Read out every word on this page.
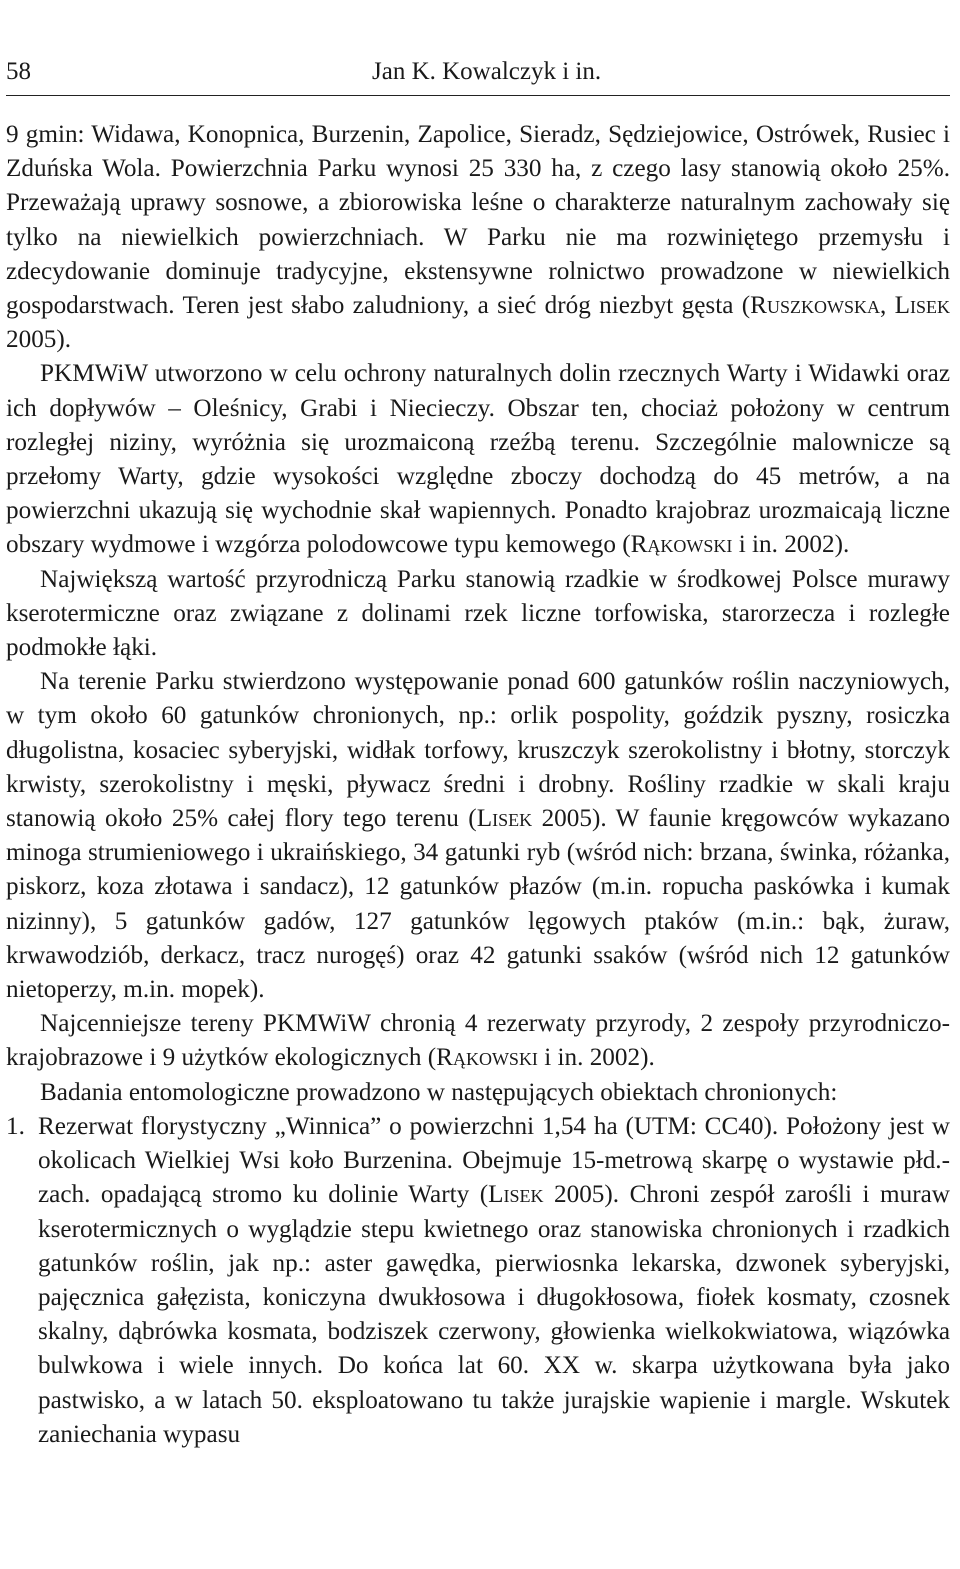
58	Jan K. Kowalczyk i in.

9 gmin: Widawa, Konopnica, Burzenin, Zapolice, Sieradz, Sędziejowice, Ostrówek, Rusiec i Zduńska Wola. Powierzchnia Parku wynosi 25 330 ha, z czego lasy stanowią około 25%. Przeważają uprawy sosnowe, a zbiorowiska leśne o charakterze naturalnym zachowały się tylko na niewielkich powierzchniach. W Parku nie ma rozwiniętego przemysłu i zdecydowanie dominuje tradycyjne, ekstensywne rolnictwo prowadzone w niewielkich gospodarstwach. Teren jest słabo zaludniony, a sieć dróg niezbyt gęsta (Ruszkowska, Lisek 2005).

PKMWiW utworzono w celu ochrony naturalnych dolin rzecznych Warty i Widawki oraz ich dopływów – Oleśnicy, Grabi i Niecieczy. Obszar ten, chociaż położony w centrum rozległej niziny, wyróżnia się urozmaiconą rzeźbą terenu. Szczególnie malownicze są przełomy Warty, gdzie wysokości względne zboczy dochodzą do 45 metrów, a na powierzchni ukazują się wychodnie skał wapiennych. Ponadto krajobraz urozmaicają liczne obszary wydmowe i wzgórza polodowcowe typu kemowego (Rąkowski i in. 2002).

Największą wartość przyrodniczą Parku stanowią rzadkie w środkowej Polsce murawy kserotermiczne oraz związane z dolinami rzek liczne torfowiska, starorzecza i rozległe podmokłe łąki.

Na terenie Parku stwierdzono występowanie ponad 600 gatunków roślin naczyniowych, w tym około 60 gatunków chronionych, np.: orlik pospolity, goździk pyszny, rosiczka długolistna, kosaciec syberyjski, widłak torfowy, kruszczyk szerokolistny i błotny, storczyk krwisty, szerokolistny i męski, pływacz średni i drobny. Rośliny rzadkie w skali kraju stanowią około 25% całej flory tego terenu (Lisek 2005). W faunie kręgowców wykazano minoga strumieniowego i ukraińskiego, 34 gatunki ryb (wśród nich: brzana, świnka, różanka, piskorz, koza złotawa i sandacz), 12 gatunków płazów (m.in. ropucha paskówka i kumak nizinny), 5 gatunków gadów, 127 gatunków lęgowych ptaków (m.in.: bąk, żuraw, krwawodziób, derkacz, tracz nurogęś) oraz 42 gatunki ssaków (wśród nich 12 gatunków nietoperzy, m.in. mopek).

Najcenniejsze tereny PKMWiW chronią 4 rezerwaty przyrody, 2 zespoły przyrodniczo-krajobrazowe i 9 użytków ekologicznych (Rąkowski i in. 2002).

Badania entomologiczne prowadzono w następujących obiektach chronionych:

1. Rezerwat florystyczny „Winnica” o powierzchni 1,54 ha (UTM: CC40). Położony jest w okolicach Wielkiej Wsi koło Burzenina. Obejmuje 15-metrową skarpę o wystawie płd.-zach. opadającą stromo ku dolinie Warty (Lisek 2005). Chroni zespół zarośli i muraw kserotermicznych o wyglądzie stepu kwietnego oraz stanowiska chronionych i rzadkich gatunków roślin, jak np.: aster gawędka, pierwiosnka lekarska, dzwonek syberyjski, pajęcznica gałęzista, koniczyna dwukłosowa i długokłosowa, fiołek kosmaty, czosnek skalny, dąbrówka kosmata, bodziszek czerwony, głowienka wielkokwiatowa, wiązówka bulwkowa i wiele innych. Do końca lat 60. XX w. skarpa użytkowana była jako pastwisko, a w latach 50. eksploatowano tu także jurajskie wapienie i margle. Wskutek zaniechania wypasu
